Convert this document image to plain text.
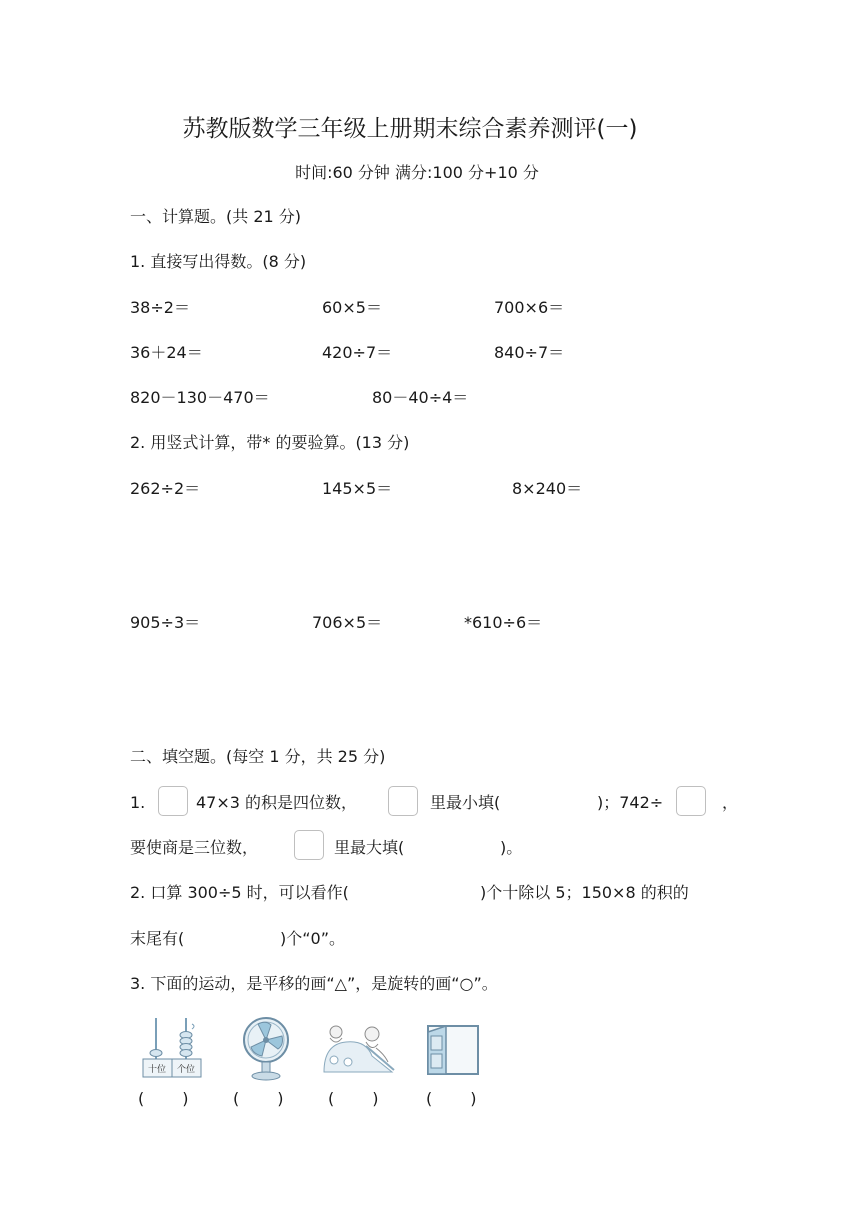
苏教版数学三年级上册期末综合素养测评(一)
时间:60 分钟 满分:100 分+10 分
一、计算题。(共 21 分)
1. 直接写出得数。(8 分)
38÷2＝	60×5＝	700×6＝
36＋24＝	420÷7＝	840÷7＝
820－130－470＝	80－40÷4＝
2. 用竖式计算，带* 的要验算。(13 分)
262÷2＝	145×5＝	8×240＝
905÷3＝	706×5＝	*610÷6＝
二、填空题。(每空 1 分，共 25 分)
1.	47×3 的积是四位数，	里最小填(	)；742÷	，
要使商是三位数，	里最大填(	)。
2. 口算 300÷5 时，可以看作(	)个十除以 5；150×8 的积的
末尾有(	)个“0”。
3. 下面的运动，是平移的画“△”，是旋转的画“○”。
十位 个位
( )	( )	( )	( )
